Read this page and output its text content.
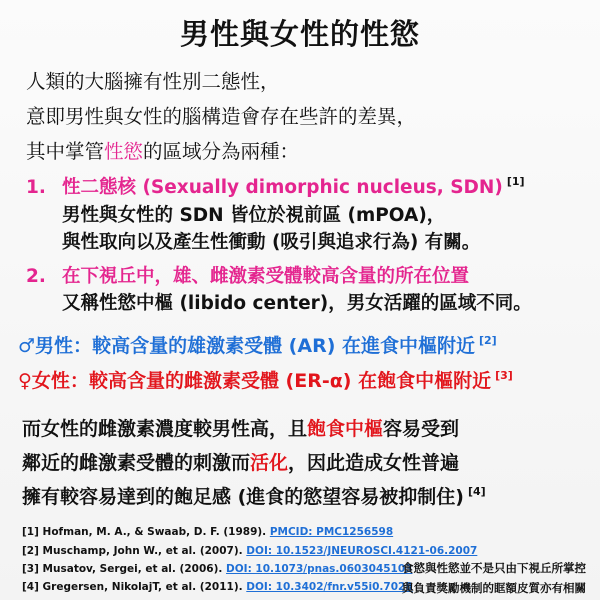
男性與女性的性慾
人類的大腦擁有性別二態性，
意即男性與女性的腦構造會存在些許的差異，
其中掌管性慾的區域分為兩種：
1. 性二態核 (Sexually dimorphic nucleus, SDN) [1]
男性與女性的 SDN 皆位於視前區 (mPOA)，
與性取向以及產生性衝動 (吸引與追求行為) 有關。
2. 在下視丘中，雄、雌激素受體較高含量的所在位置
又稱性慾中樞 (libido center)，男女活躍的區域不同。
♂男性：較高含量的雄激素受體 (AR) 在進食中樞附近 [2]
♀女性：較高含量的雌激素受體 (ER-α) 在飽食中樞附近 [3]
而女性的雌激素濃度較男性高，且飽食中樞容易受到
鄰近的雌激素受體的刺激而活化，因此造成女性普遍
擁有較容易達到的飽足感 (進食的慾望容易被抑制住) [4]
[1] Hofman, M. A., & Swaab, D. F. (1989). PMCID: PMC1256598
[2] Muschamp, John W., et al. (2007). DOI: 10.1523/JNEUROSCI.4121-06.2007
[3] Musatov, Sergei, et al. (2006). DOI: 10.1073/pnas.0603045103
[4] Gregersen, NikolajT, et al. (2011). DOI: 10.3402/fnr.v55i0.7028
食慾與性慾並不是只由下視丘所掌控
與負責獎勵機制的眶額皮質亦有相關
